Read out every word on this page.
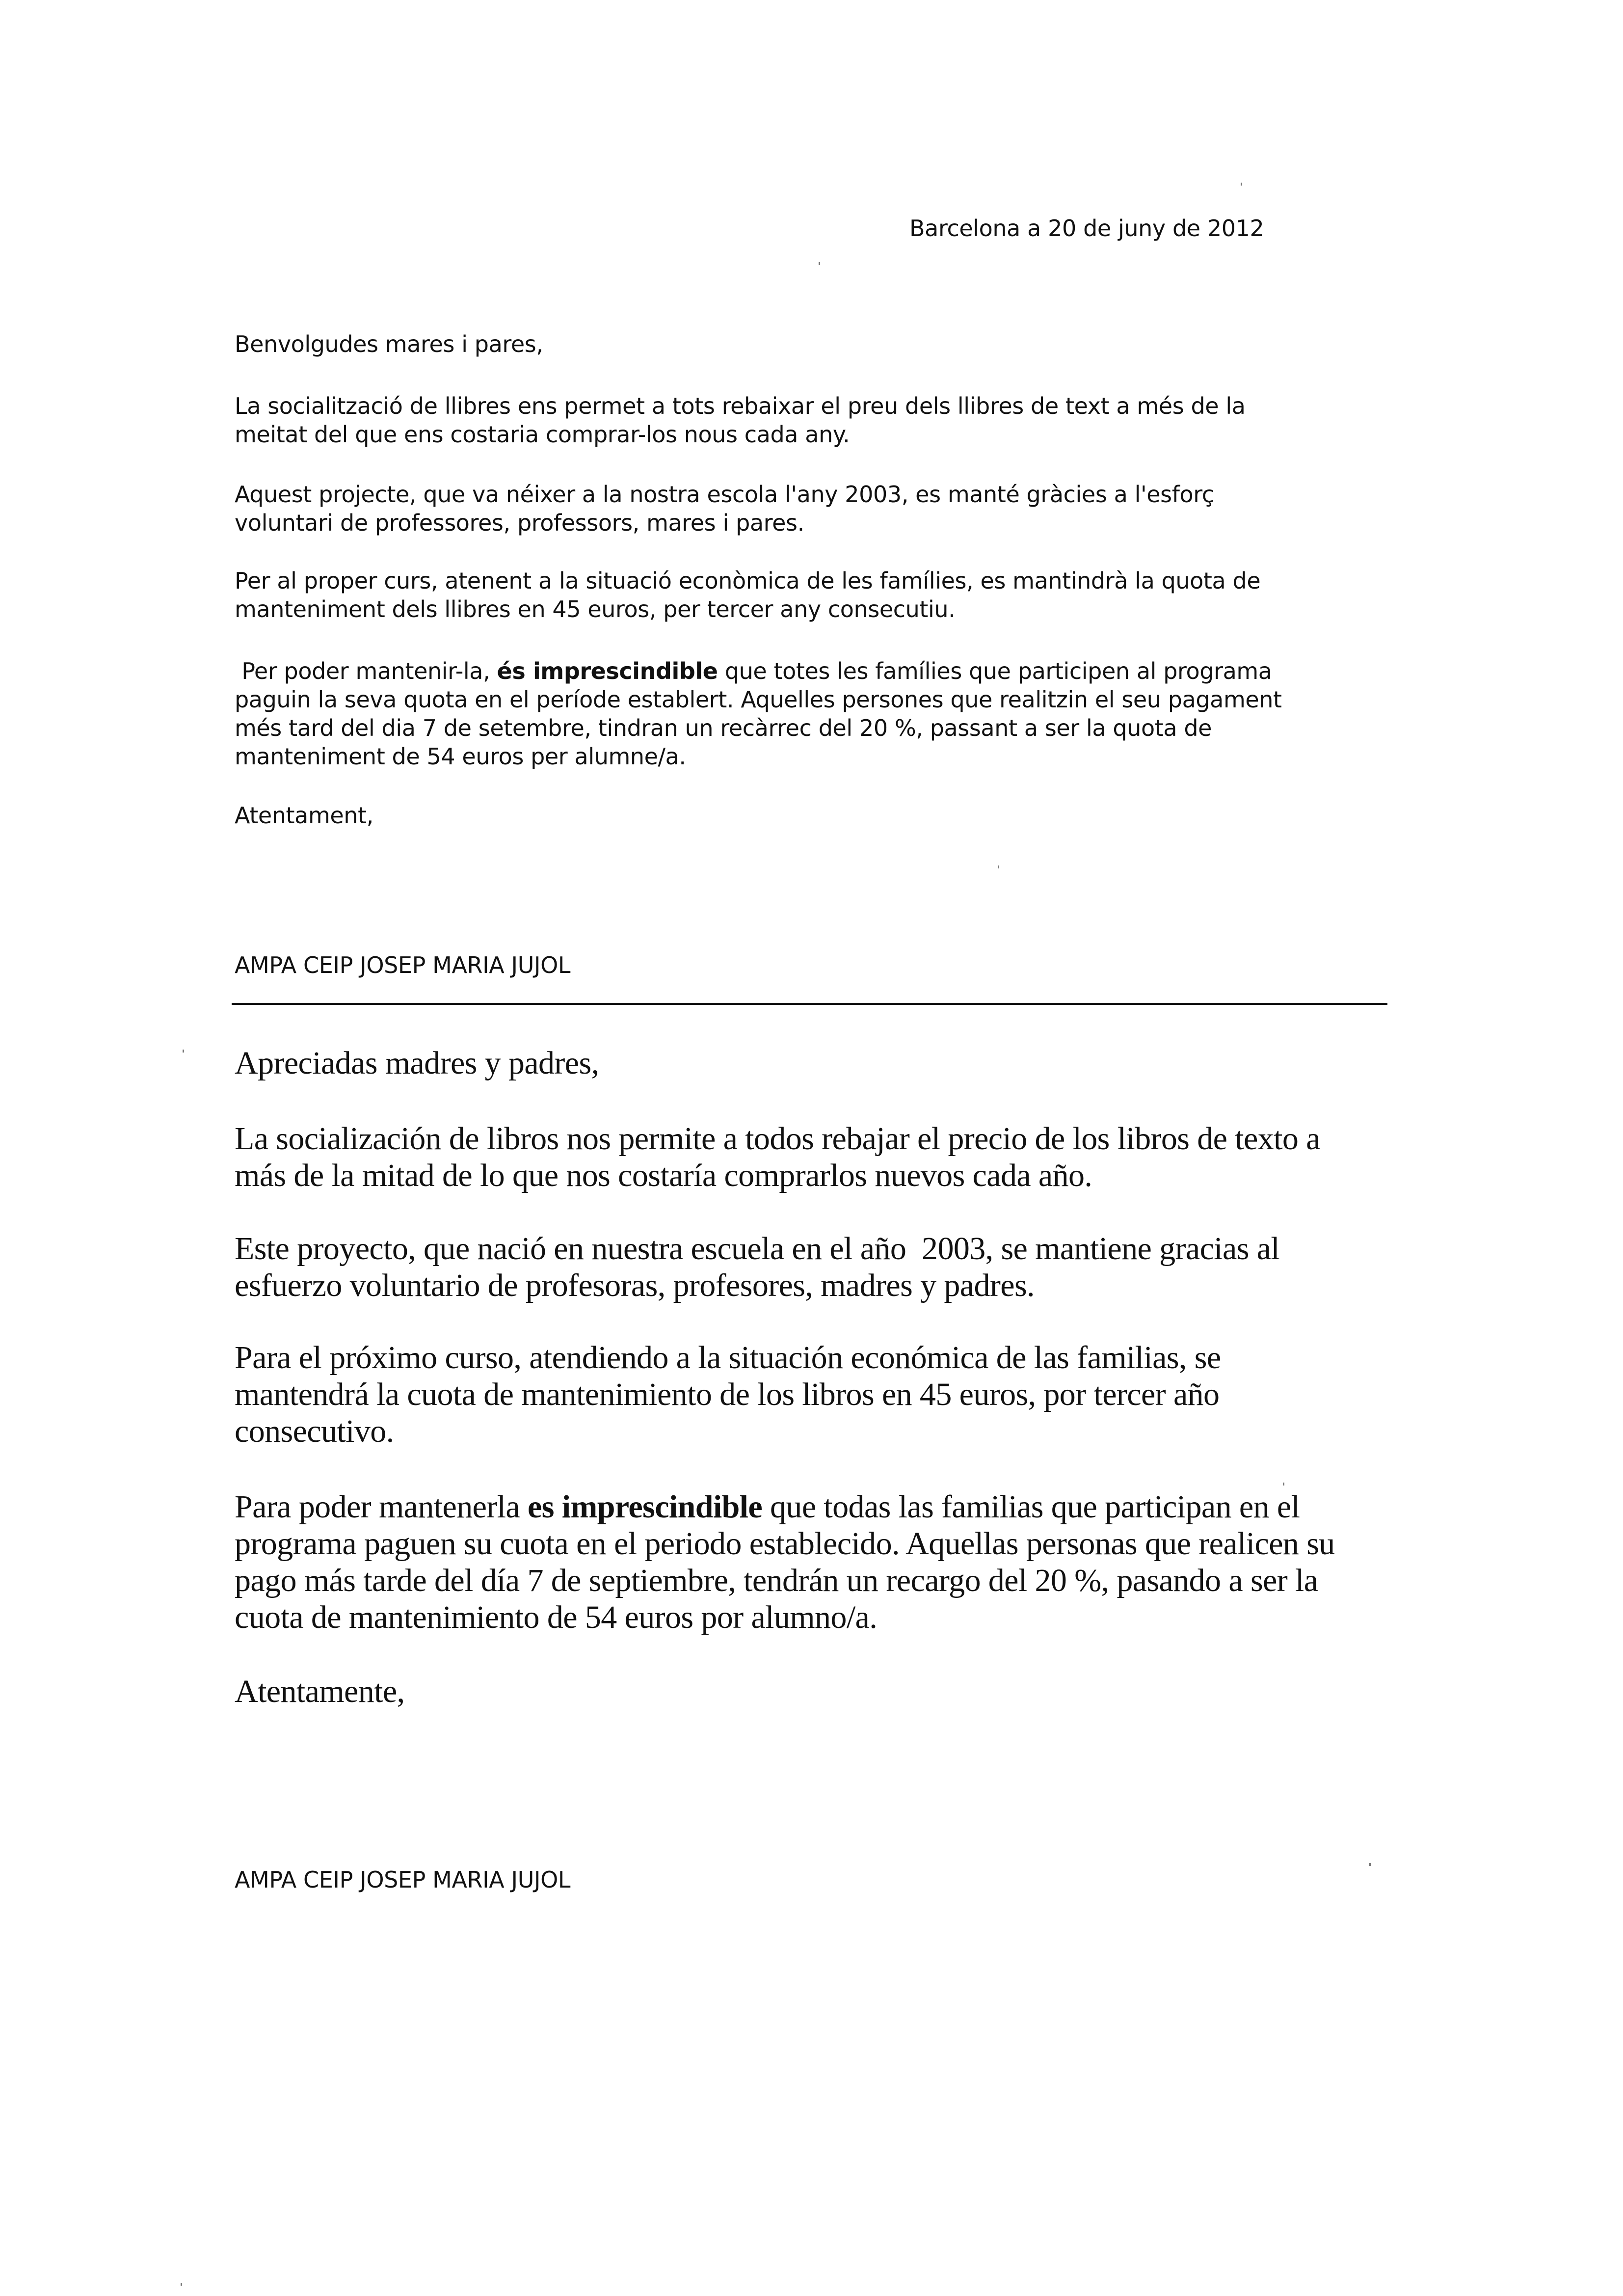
Barcelona a 20 de juny de 2012

Benvolgudes mares i pares,

La socialització de llibres ens permet a tots rebaixar el preu dels llibres de text a més de la
meitat del que ens costaria comprar-los nous cada any.

Aquest projecte, que va néixer a la nostra escola l'any 2003, es manté gràcies a l'esforç
voluntari de professores, professors, mares i pares.

Per al proper curs, atenent a la situació econòmica de les famílies, es mantindrà la quota de
manteniment dels llibres en 45 euros, per tercer any consecutiu.

Per poder mantenir-la, és imprescindible que totes les famílies que participen al programa
paguin la seva quota en el període establert. Aquelles persones que realitzin el seu pagament
més tard del dia 7 de setembre, tindran un recàrrec del 20 %, passant a ser la quota de
manteniment de 54 euros per alumne/a.

Atentament,

AMPA CEIP JOSEP MARIA JUJOL

Apreciadas madres y padres,

La socialización de libros nos permite a todos rebajar el precio de los libros de texto a
más de la mitad de lo que nos costaría comprarlos nuevos cada año.

Este proyecto, que nació en nuestra escuela en el año  2003, se mantiene gracias al
esfuerzo voluntario de profesoras, profesores, madres y padres.

Para el próximo curso, atendiendo a la situación económica de las familias, se
mantendrá la cuota de mantenimiento de los libros en 45 euros, por tercer año
consecutivo.

Para poder mantenerla es imprescindible que todas las familias que participan en el
programa paguen su cuota en el periodo establecido. Aquellas personas que realicen su
pago más tarde del día 7 de septiembre, tendrán un recargo del 20 %, pasando a ser la
cuota de mantenimiento de 54 euros por alumno/a.

Atentamente,

AMPA CEIP JOSEP MARIA JUJOL
